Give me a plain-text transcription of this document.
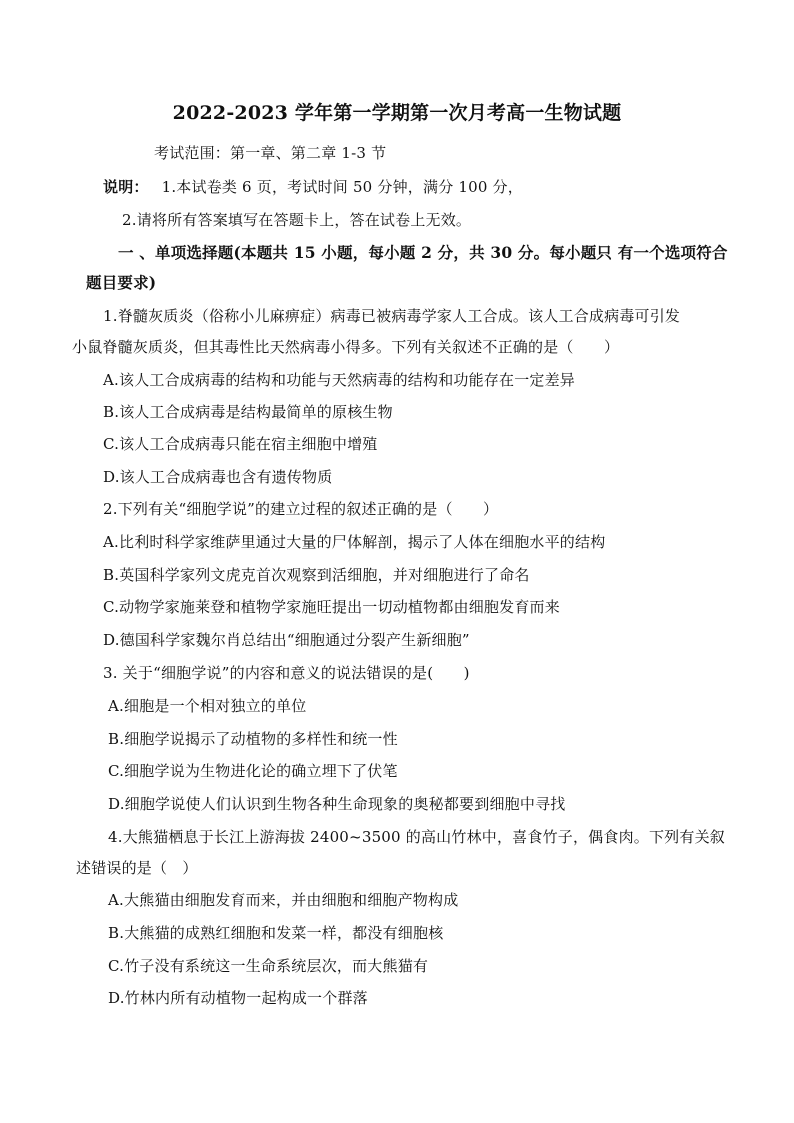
2022-2023 学年第一学期第一次月考高一生物试题
考试范围：第一章、第二章 1-3 节
说明： 1.本试卷类 6 页，考试时间 50 分钟，满分 100 分，
2.请将所有答案填写在答题卡上，答在试卷上无效。
一 、单项选择题(本题共 15 小题，每小题 2 分，共 30 分。每小题只 有一个选项符合
题目要求)
1.脊髓灰质炎（俗称小儿麻痹症）病毒已被病毒学家人工合成。该人工合成病毒可引发
小鼠脊髓灰质炎，但其毒性比天然病毒小得多。下列有关叙述不正确的是（　　）
A.该人工合成病毒的结构和功能与天然病毒的结构和功能存在一定差异
B.该人工合成病毒是结构最简单的原核生物
C.该人工合成病毒只能在宿主细胞中增殖
D.该人工合成病毒也含有遗传物质
2.下列有关“细胞学说”的建立过程的叙述正确的是（　　）
A.比利时科学家维萨里通过大量的尸体解剖，揭示了人体在细胞水平的结构
B.英国科学家列文虎克首次观察到活细胞，并对细胞进行了命名
C.动物学家施莱登和植物学家施旺提出一切动植物都由细胞发育而来
D.德国科学家魏尔肖总结出“细胞通过分裂产生新细胞”
3. 关于“细胞学说”的内容和意义的说法错误的是(　　)
A.细胞是一个相对独立的单位
B.细胞学说揭示了动植物的多样性和统一性
C.细胞学说为生物进化论的确立埋下了伏笔
D.细胞学说使人们认识到生物各种生命现象的奥秘都要到细胞中寻找
4.大熊猫栖息于长江上游海拔 2400~3500 的高山竹林中，喜食竹子，偶食肉。下列有关叙
述错误的是（　）
A.大熊猫由细胞发育而来，并由细胞和细胞产物构成
B.大熊猫的成熟红细胞和发菜一样，都没有细胞核
C.竹子没有系统这一生命系统层次，而大熊猫有
D.竹林内所有动植物一起构成一个群落
